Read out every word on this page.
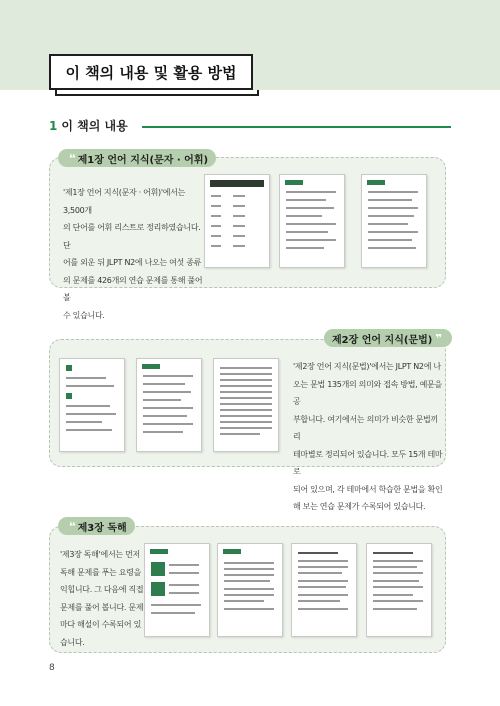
이 책의 내용 및 활용 방법
1 이 책의 내용
❛❛ 제1장 언어 지식(문자 · 어휘)
'제1장 언어 지식(문자 · 어휘)'에서는 3,500개
의 단어를 어휘 리스트로 정리하였습니다. 단
어를 외운 뒤 JLPT N2에 나오는 여섯 종류
의 문제를 426개의 연습 문제를 통해 풀어 볼
수 있습니다.
제2장 언어 지식(문법) ❜❜
'제2장 언어 지식(문법)'에서는 JLPT N2에 나
오는 문법 135개의 의미와 접속 방법, 예문을 공
부합니다. 여기에서는 의미가 비슷한 문법끼리
테마별로 정리되어 있습니다. 모두 15개 테마로
되어 있으며, 각 테마에서 학습한 문법을 확인
해 보는 연습 문제가 수록되어 있습니다.
❛❛ 제3장 독해
'제3장 독해'에서는 먼저
독해 문제를 푸는 요령을
익힙니다. 그 다음에 직접
문제를 풀어 봅니다. 문제
마다 해설이 수록되어 있
습니다.
8
